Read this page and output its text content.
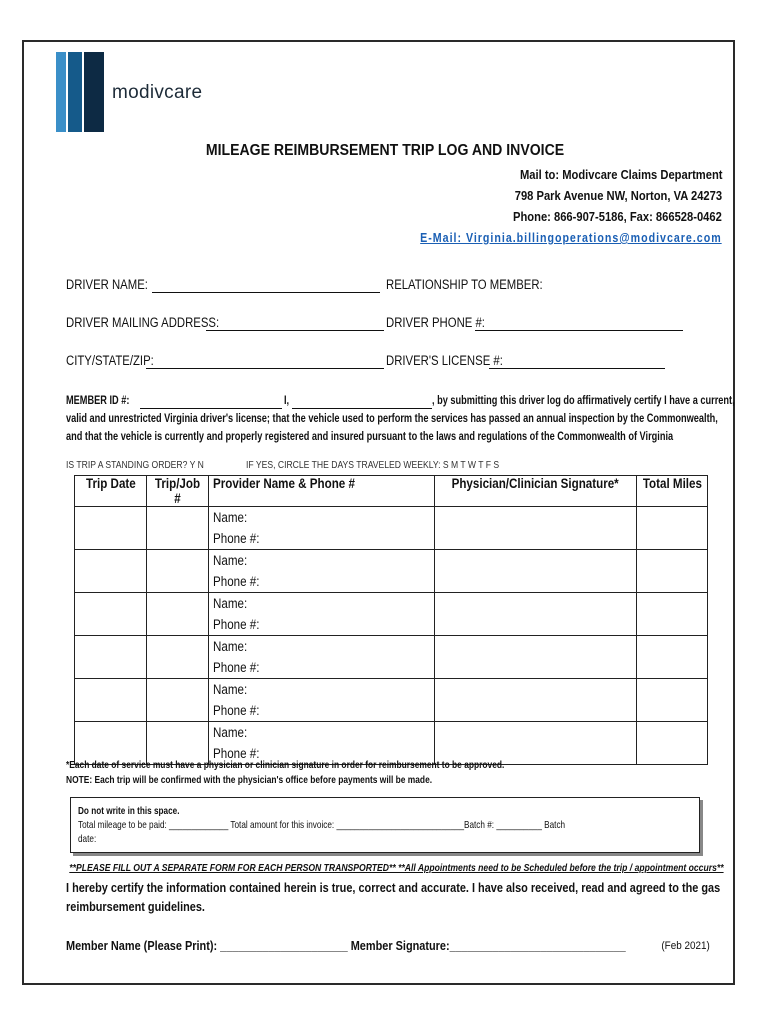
modivcare
MILEAGE REIMBURSEMENT TRIP LOG AND INVOICE
Mail to: Modivcare Claims Department
798 Park Avenue NW, Norton, VA 24273
Phone: 866-907-5186, Fax: 866528-0462
E-Mail: Virginia.billingoperations@modivcare.com
DRIVER NAME:	RELATIONSHIP TO MEMBER:
DRIVER MAILING ADDRESS:	DRIVER PHONE #:
CITY/STATE/ZIP:	DRIVER'S LICENSE #:
MEMBER ID #:	I,	, by submitting this driver log do affirmatively certify I have a current,
valid and unrestricted Virginia driver's license; that the vehicle used to perform the services has passed an annual inspection by the Commonwealth,
and that the vehicle is currently and properly registered and insured pursuant to the laws and regulations of the Commonwealth of Virginia
IS TRIP A STANDING ORDER? Y N	IF YES, CIRCLE THE DAYS TRAVELED WEEKLY: S M T W T F S
Trip Date	Trip/Job #	Provider Name & Phone #	Physician/Clinician Signature*	Total Miles

		Name:
Phone #:		

		Name:
Phone #:		

		Name:
Phone #:		

		Name:
Phone #:		

		Name:
Phone #:		

		Name:
Phone #:		

*Each date of service must have a physician or clinician signature in order for reimbursement to be approved.
NOTE: Each trip will be confirmed with the physician's office before payments will be made.
Do not write in this space.
Total mileage to be paid: _____________ Total amount for this invoice: ____________________________Batch #: __________ Batch
date:
**PLEASE FILL OUT A SEPARATE FORM FOR EACH PERSON TRANSPORTED** **All Appointments need to be Scheduled before the trip / appointment occurs**
I hereby certify the information contained herein is true, correct and accurate. I have also received, read and agreed to the gas
reimbursement guidelines.
Member Name (Please Print): _____________________ Member Signature:_____________________________	(Feb 2021)
